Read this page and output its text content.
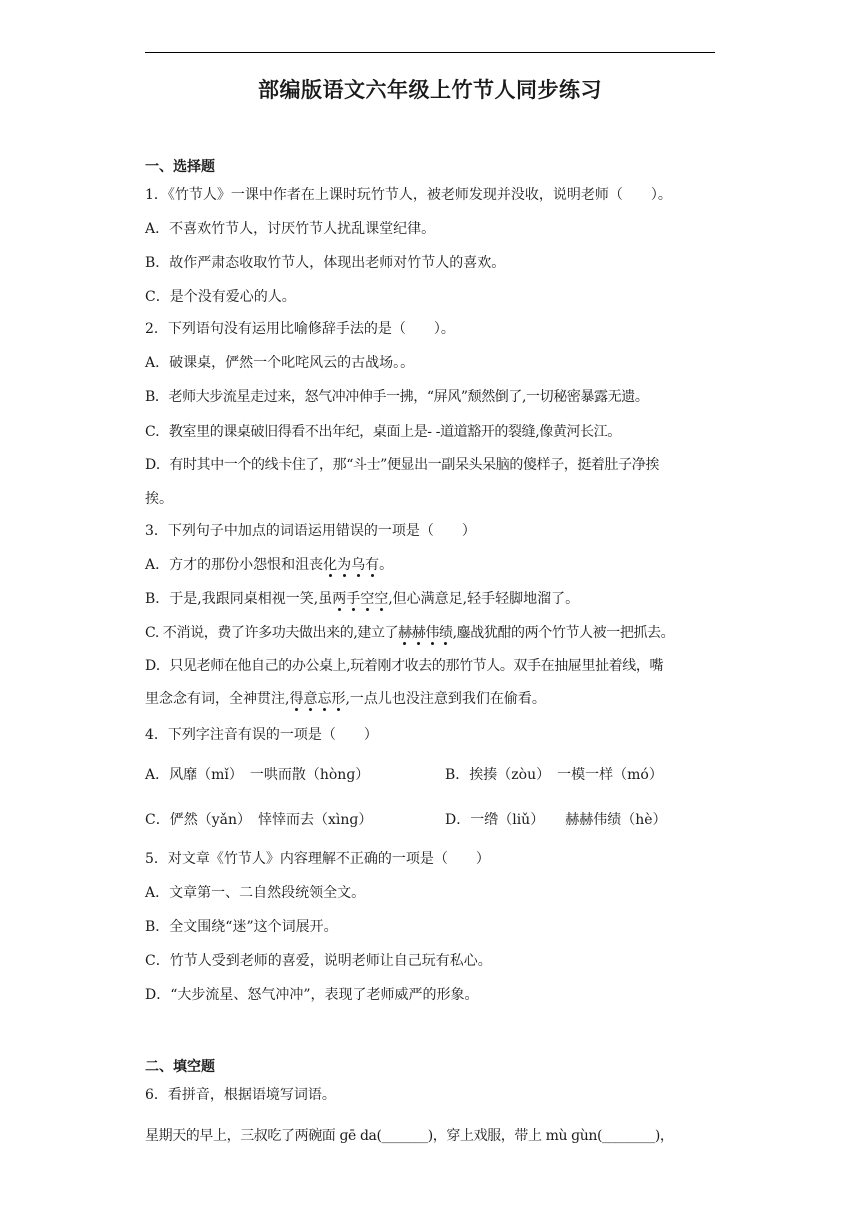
部编版语文六年级上竹节人同步练习
一、选择题
1．《竹节人》一课中作者在上课时玩竹节人，被老师发现并没收，说明老师（　　）。
A．不喜欢竹节人，讨厌竹节人扰乱课堂纪律。
B．故作严肃态收取竹节人，体现出老师对竹节人的喜欢。
C．是个没有爱心的人。
2．下列语句没有运用比喻修辞手法的是（　　）。
A．破课桌，俨然一个叱咤风云的古战场。。
B．老师大步流星走过来，怒气冲冲伸手一拂，“屏风”颓然倒了,一切秘密暴露无遗。
C．教室里的课桌破旧得看不出年纪，桌面上是- -道道豁开的裂缝,像黄河长江。
D．有时其中一个的线卡住了，那“斗士”便显出一副呆头呆脑的傻样子，挺着肚子净挨
挨。
3．下列句子中加点的词语运用错误的一项是（　　）
A．方才的那份小怨恨和沮丧化为乌有。
B．于是,我跟同桌相视一笑,虽两手空空,但心满意足,轻手轻脚地溜了。
C. 不消说，费了许多功夫做出来的,建立了赫赫伟绩,鏖战犹酣的两个竹节人被一把抓去。
D．只见老师在他自己的办公桌上,玩着刚才收去的那竹节人。双手在抽屉里扯着线，嘴
里念念有词，全神贯注,得意忘形,一点儿也没注意到我们在偷看。
4．下列字注音有误的一项是（　　）
A．风靡（mǐ）　一哄而散（hònɡ）	B．挨揍（zòu）　一模一样（mó）
C．俨然（yǎn）　悻悻而去（xìnɡ）	D．一绺（liǔ）　　赫赫伟绩（hè）
5．对文章《竹节人》内容理解不正确的一项是（　　）
A．文章第一、二自然段统领全文。
B．全文围绕“迷”这个词展开。
C．竹节人受到老师的喜爱，说明老师让自己玩有私心。
D．“大步流星、怒气冲冲”，表现了老师威严的形象。
二、填空题
6．看拼音，根据语境写词语。
星期天的早上，三叔吃了两碗面 ɡē da(_______)，穿上戏服，带上 mù ɡùn(________)，
